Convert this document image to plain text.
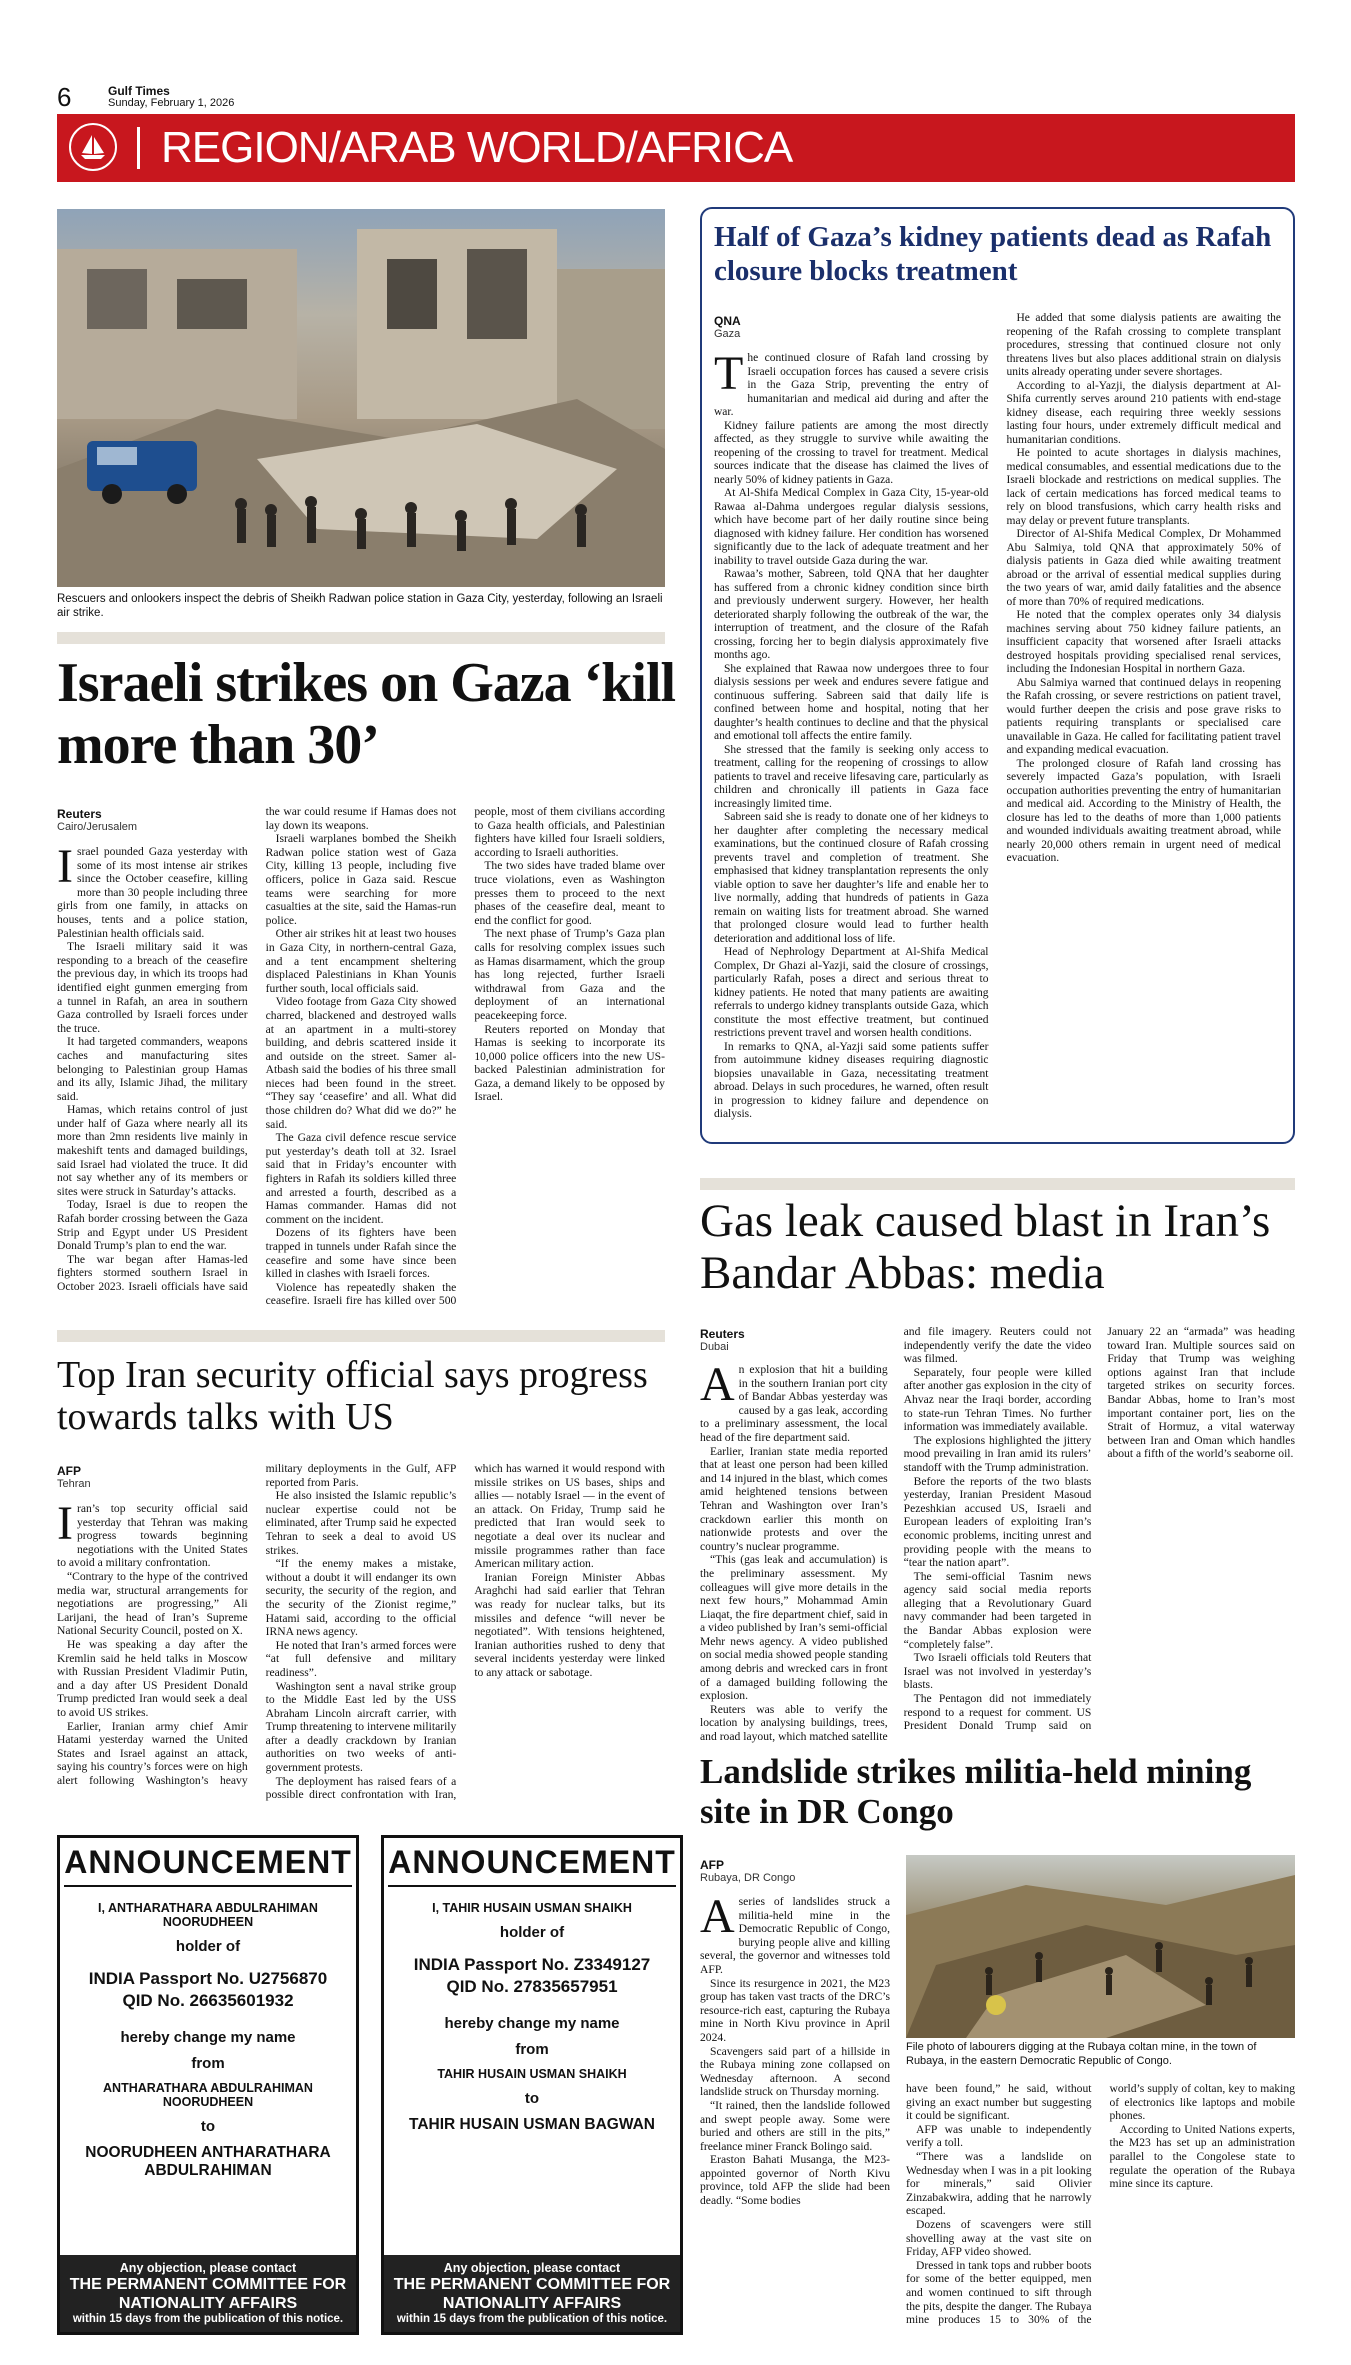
6	Gulf Times
Sunday, February 1, 2026
REGION/ARAB WORLD/AFRICA
Rescuers and onlookers inspect the debris of Sheikh Radwan police station in Gaza City, yesterday, following an Israeli air strike.
Israeli strikes on Gaza ‘kill more than 30’
Reuters
Cairo/Jerusalem

Israel pounded Gaza yesterday with some of its most intense air strikes since the October ceasefire, killing more than 30 people including three girls from one family, in attacks on houses, tents and a police station, Palestinian health officials said.

The Israeli military said it was responding to a breach of the ceasefire the previous day, in which its troops had identified eight gunmen emerging from a tunnel in Rafah, an area in southern Gaza controlled by Israeli forces under the truce.

It had targeted commanders, weapons caches and manufacturing sites belonging to Palestinian group Hamas and its ally, Islamic Jihad, the military said.

Hamas, which retains control of just under half of Gaza where nearly all its more than 2mn residents live mainly in makeshift tents and damaged buildings, said Israel had violated the truce. It did not say whether any of its members or sites were struck in Saturday’s attacks.

Today, Israel is due to reopen the Rafah border crossing between the Gaza Strip and Egypt under US President Donald Trump’s plan to end the war.

The war began after Hamas-led fighters stormed southern Israel in October 2023. Israeli officials have said the war could resume if Hamas does not lay down its weapons.

Israeli warplanes bombed the Sheikh Radwan police station west of Gaza City, killing 13 people, including five officers, police in Gaza said. Rescue teams were searching for more casualties at the site, said the Hamas-run police.

Other air strikes hit at least two houses in Gaza City, in northern-central Gaza, and a tent encampment sheltering displaced Palestinians in Khan Younis further south, local officials said.

Video footage from Gaza City showed charred, blackened and destroyed walls at an apartment in a multi-storey building, and debris scattered inside it and outside on the street. Samer al-Atbash said the bodies of his three small nieces had been found in the street. “They say ‘ceasefire’ and all. What did those children do? What did we do?” he said.

The Gaza civil defence rescue service put yesterday’s death toll at 32. Israel said that in Friday’s encounter with fighters in Rafah its soldiers killed three and arrested a fourth, described as a Hamas commander. Hamas did not comment on the incident.

Dozens of its fighters have been trapped in tunnels under Rafah since the ceasefire and some have since been killed in clashes with Israeli forces.

Violence has repeatedly shaken the ceasefire. Israeli fire has killed over 500 people, most of them civilians according to Gaza health officials, and Palestinian fighters have killed four Israeli soldiers, according to Israeli authorities.

The two sides have traded blame over truce violations, even as Washington presses them to proceed to the next phases of the ceasefire deal, meant to end the conflict for good.

The next phase of Trump’s Gaza plan calls for resolving complex issues such as Hamas disarmament, which the group has long rejected, further Israeli withdrawal from Gaza and the deployment of an international peacekeeping force.

Reuters reported on Monday that Hamas is seeking to incorporate its 10,000 police officers into the new US-backed Palestinian administration for Gaza, a demand likely to be opposed by Israel.

Half of Gaza’s kidney patients dead as Rafah closure blocks treatment
QNA
Gaza

The continued closure of Rafah land crossing by Israeli occupation forces has caused a severe crisis in the Gaza Strip, preventing the entry of humanitarian and medical aid during and after the war.

Kidney failure patients are among the most directly affected, as they struggle to survive while awaiting the reopening of the crossing to travel for treatment. Medical sources indicate that the disease has claimed the lives of nearly 50% of kidney patients in Gaza.

At Al-Shifa Medical Complex in Gaza City, 15-year-old Rawaa al-Dahma undergoes regular dialysis sessions, which have become part of her daily routine since being diagnosed with kidney failure. Her condition has worsened significantly due to the lack of adequate treatment and her inability to travel outside Gaza during the war.

Rawaa’s mother, Sabreen, told QNA that her daughter has suffered from a chronic kidney condition since birth and previously underwent surgery. However, her health deteriorated sharply following the outbreak of the war, the interruption of treatment, and the closure of the Rafah crossing, forcing her to begin dialysis approximately five months ago.

She explained that Rawaa now undergoes three to four dialysis sessions per week and endures severe fatigue and continuous suffering. Sabreen said that daily life is confined between home and hospital, noting that her daughter’s health continues to decline and that the physical and emotional toll affects the entire family.

She stressed that the family is seeking only access to treatment, calling for the reopening of crossings to allow patients to travel and receive lifesaving care, particularly as children and chronically ill patients in Gaza face increasingly limited time.

Sabreen said she is ready to donate one of her kidneys to her daughter after completing the necessary medical examinations, but the continued closure of Rafah crossing prevents travel and completion of treatment. She emphasised that kidney transplantation represents the only viable option to save her daughter’s life and enable her to live normally, adding that hundreds of patients in Gaza remain on waiting lists for treatment abroad. She warned that prolonged closure would lead to further health deterioration and additional loss of life.

Head of Nephrology Department at Al-Shifa Medical Complex, Dr Ghazi al-Yazji, said the closure of crossings, particularly Rafah, poses a direct and serious threat to kidney patients. He noted that many patients are awaiting referrals to undergo kidney transplants outside Gaza, which constitute the most effective treatment, but continued restrictions prevent travel and worsen health conditions.

In remarks to QNA, al-Yazji said some patients suffer from autoimmune kidney diseases requiring diagnostic biopsies unavailable in Gaza, necessitating treatment abroad. Delays in such procedures, he warned, often result in progression to kidney failure and dependence on dialysis.

He added that some dialysis patients are awaiting the reopening of the Rafah crossing to complete transplant procedures, stressing that continued closure not only threatens lives but also places additional strain on dialysis units already operating under severe shortages.

According to al-Yazji, the dialysis department at Al-Shifa currently serves around 210 patients with end-stage kidney disease, each requiring three weekly sessions lasting four hours, under extremely difficult medical and humanitarian conditions.

He pointed to acute shortages in dialysis machines, medical consumables, and essential medications due to the Israeli blockade and restrictions on medical supplies. The lack of certain medications has forced medical teams to rely on blood transfusions, which carry health risks and may delay or prevent future transplants.

Director of Al-Shifa Medical Complex, Dr Mohammed Abu Salmiya, told QNA that approximately 50% of dialysis patients in Gaza died while awaiting treatment abroad or the arrival of essential medical supplies during the two years of war, amid daily fatalities and the absence of more than 70% of required medications.

He noted that the complex operates only 34 dialysis machines serving about 750 kidney failure patients, an insufficient capacity that worsened after Israeli attacks destroyed hospitals providing specialised renal services, including the Indonesian Hospital in northern Gaza.

Abu Salmiya warned that continued delays in reopening the Rafah crossing, or severe restrictions on patient travel, would further deepen the crisis and pose grave risks to patients requiring transplants or specialised care unavailable in Gaza. He called for facilitating patient travel and expanding medical evacuation.

The prolonged closure of Rafah land crossing has severely impacted Gaza’s population, with Israeli occupation authorities preventing the entry of humanitarian and medical aid. According to the Ministry of Health, the closure has led to the deaths of more than 1,000 patients and wounded individuals awaiting treatment abroad, while nearly 20,000 others remain in urgent need of medical evacuation.

Top Iran security official says progress towards talks with US
AFP
Tehran

Iran’s top security official said yesterday that Tehran was making progress towards beginning negotiations with the United States to avoid a military confrontation.

“Contrary to the hype of the contrived media war, structural arrangements for negotiations are progressing,” Ali Larijani, the head of Iran’s Supreme National Security Council, posted on X.

He was speaking a day after the Kremlin said he held talks in Moscow with Russian President Vladimir Putin, and a day after US President Donald Trump predicted Iran would seek a deal to avoid US strikes.

Earlier, Iranian army chief Amir Hatami yesterday warned the United States and Israel against an attack, saying his country’s forces were on high alert following Washington’s heavy military deployments in the Gulf, AFP reported from Paris.

He also insisted the Islamic republic’s nuclear expertise could not be eliminated, after Trump said he expected Tehran to seek a deal to avoid US strikes.

“If the enemy makes a mistake, without a doubt it will endanger its own security, the security of the region, and the security of the Zionist regime,” Hatami said, according to the official IRNA news agency.

He noted that Iran’s armed forces were “at full defensive and military readiness”.

Washington sent a naval strike group to the Middle East led by the USS Abraham Lincoln aircraft carrier, with Trump threatening to intervene militarily after a deadly crackdown by Iranian authorities on two weeks of anti-government protests.

The deployment has raised fears of a possible direct confrontation with Iran, which has warned it would respond with missile strikes on US bases, ships and allies — notably Israel — in the event of an attack. On Friday, Trump said he predicted that Iran would seek to negotiate a deal over its nuclear and missile programmes rather than face American military action.

Iranian Foreign Minister Abbas Araghchi had said earlier that Tehran was ready for nuclear talks, but its missiles and defence “will never be negotiated”. With tensions heightened, Iranian authorities rushed to deny that several incidents yesterday were linked to any attack or sabotage.

Gas leak caused blast in Iran’s Bandar Abbas: media
Reuters
Dubai

An explosion that hit a building in the southern Iranian port city of Bandar Abbas yesterday was caused by a gas leak, according to a preliminary assessment, the local head of the fire department said.

Earlier, Iranian state media reported that at least one person had been killed and 14 injured in the blast, which comes amid heightened tensions between Tehran and Washington over Iran’s crackdown earlier this month on nationwide protests and over the country’s nuclear programme.

“This (gas leak and accumulation) is the preliminary assessment. My colleagues will give more details in the next few hours,” Mohammad Amin Liaqat, the fire department chief, said in a video published by Iran’s semi-official Mehr news agency. A video published on social media showed people standing among debris and wrecked cars in front of a damaged building following the explosion.

Reuters was able to verify the location by analysing buildings, trees, and road layout, which matched satellite and file imagery. Reuters could not independently verify the date the video was filmed.

Separately, four people were killed after another gas explosion in the city of Ahvaz near the Iraqi border, according to state-run Tehran Times. No further information was immediately available.

The explosions highlighted the jittery mood prevailing in Iran amid its rulers’ standoff with the Trump administration.

Before the reports of the two blasts yesterday, Iranian President Masoud Pezeshkian accused US, Israeli and European leaders of exploiting Iran’s economic problems, inciting unrest and providing people with the means to “tear the nation apart”.

The semi-official Tasnim news agency said social media reports alleging that a Revolutionary Guard navy commander had been targeted in the Bandar Abbas explosion were “completely false”.

Two Israeli officials told Reuters that Israel was not involved in yesterday’s blasts.

The Pentagon did not immediately respond to a request for comment. US President Donald Trump said on January 22 an “armada” was heading toward Iran. Multiple sources said on Friday that Trump was weighing options against Iran that include targeted strikes on security forces. Bandar Abbas, home to Iran’s most important container port, lies on the Strait of Hormuz, a vital waterway between Iran and Oman which handles about a fifth of the world’s seaborne oil.

Landslide strikes militia-held mining site in DR Congo
AFP
Rubaya, DR Congo

A series of landslides struck a militia-held mine in the Democratic Republic of Congo, burying people alive and killing several, the governor and witnesses told AFP.

Since its resurgence in 2021, the M23 group has taken vast tracts of the DRC’s resource-rich east, capturing the Rubaya mine in North Kivu province in April 2024.

Scavengers said part of a hillside in the Rubaya mining zone collapsed on Wednesday afternoon. A second landslide struck on Thursday morning.

“It rained, then the landslide followed and swept people away. Some were buried and others are still in the pits,” freelance miner Franck Bolingo said.

Eraston Bahati Musanga, the M23-appointed governor of North Kivu province, told AFP the slide had been deadly. “Some bodies

File photo of labourers digging at the Rubaya coltan mine, in the town of Rubaya, in the eastern Democratic Republic of Congo.

have been found,” he said, without giving an exact number but suggesting it could be significant.

AFP was unable to independently verify a toll.

“There was a landslide on Wednesday when I was in a pit looking for minerals,” said Olivier Zinzabakwira, adding that he narrowly escaped.

Dozens of scavengers were still shovelling away at the vast site on Friday, AFP video showed.

Dressed in tank tops and rubber boots for some of the better equipped, men and women continued to sift through the pits, despite the danger. The Rubaya mine produces 15 to 30% of the world’s supply of coltan, key to making of electronics like laptops and mobile phones.

According to United Nations experts, the M23 has set up an administration parallel to the Congolese state to regulate the operation of the Rubaya mine since its capture.

ANNOUNCEMENT
I, ANTHARATHARA ABDULRAHIMAN NOORUDHEEN
holder of
INDIA Passport No. U2756870
QID No. 26635601932
hereby change my name
from
ANTHARATHARA ABDULRAHIMAN NOORUDHEEN
to
NOORUDHEEN ANTHARATHARA
ABDULRAHIMAN
Any objection, please contact
THE PERMANENT COMMITTEE FOR
NATIONALITY AFFAIRS
within 15 days from the publication of this notice.
ANNOUNCEMENT
I, TAHIR HUSAIN USMAN SHAIKH
holder of
INDIA Passport No. Z3349127
QID No. 27835657951
hereby change my name
from
TAHIR HUSAIN USMAN SHAIKH
to
TAHIR HUSAIN USMAN BAGWAN
Any objection, please contact
THE PERMANENT COMMITTEE FOR
NATIONALITY AFFAIRS
within 15 days from the publication of this notice.
